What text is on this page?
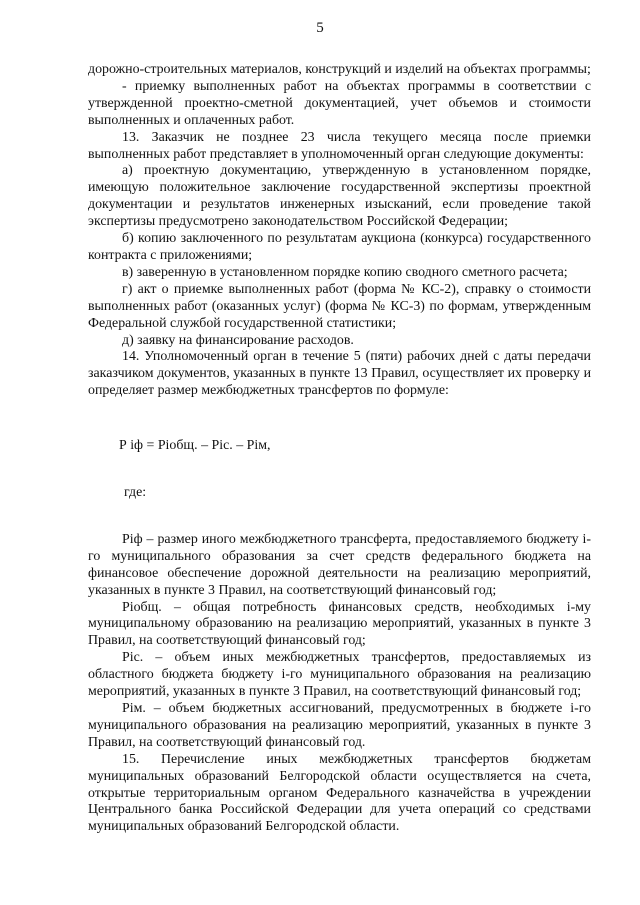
5

дорожно-строительных материалов, конструкций и изделий на объектах программы;

- приемку выполненных работ на объектах программы в соответствии с утвержденной проектно-сметной документацией, учет объемов и стоимости выполненных и оплаченных работ.

13. Заказчик не позднее 23 числа текущего месяца после приемки выполненных работ представляет в уполномоченный орган следующие документы:

а) проектную документацию, утвержденную в установленном порядке, имеющую положительное заключение государственной экспертизы проектной документации и результатов инженерных изысканий, если проведение такой экспертизы предусмотрено законодательством Российской Федерации;

б) копию заключенного по результатам аукциона (конкурса) государственного контракта с приложениями;

в) заверенную в установленном порядке копию сводного сметного расчета;

г) акт о приемке выполненных работ (форма № КС-2), справку о стоимости выполненных работ (оказанных услуг) (форма № КС-3) по формам, утвержденным Федеральной службой государственной статистики;

д) заявку на финансирование расходов.

14. Уполномоченный орган в течение 5 (пяти) рабочих дней с даты передачи заказчиком документов, указанных в пункте 13 Правил, осуществляет их проверку и определяет размер межбюджетных трансфертов по формуле:

Р iф = Ріобщ. – Ріс. – Рім,

где:

Ріф – размер иного межбюджетного трансферта, предоставляемого бюджету i-го муниципального образования за счет средств федерального бюджета на финансовое обеспечение дорожной деятельности на реализацию мероприятий, указанных в пункте 3 Правил, на соответствующий финансовый год;

Ріобщ. – общая потребность финансовых средств, необходимых i-му муниципальному образованию на реализацию мероприятий, указанных в пункте 3 Правил, на соответствующий финансовый год;

Ріс. – объем иных межбюджетных трансфертов, предоставляемых из областного бюджета бюджету i-го муниципального образования на реализацию мероприятий, указанных в пункте 3 Правил, на соответствующий финансовый год;

Рім. – объем бюджетных ассигнований, предусмотренных в бюджете i-го муниципального образования на реализацию мероприятий, указанных в пункте 3 Правил, на соответствующий финансовый год.

15. Перечисление иных межбюджетных трансфертов бюджетам муниципальных образований Белгородской области осуществляется на счета, открытые территориальным органом Федерального казначейства в учреждении Центрального банка Российской Федерации для учета операций со средствами муниципальных образований Белгородской области.
